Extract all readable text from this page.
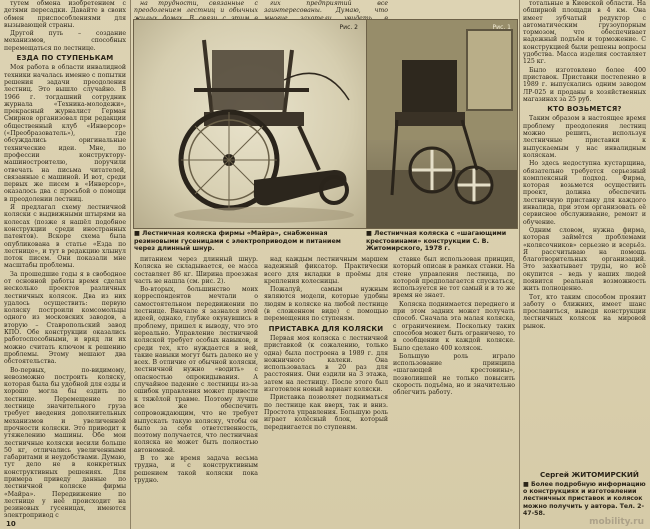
тутем обмена изобретением с детями пересадки. Давайте в своих обмен приспособлениями для вызывающей страны.

Другой путь – создание механизмов, способных перемещаться по лестнице.

ЕЗДА ПО СТУПЕНЬКАМ

Моя работа в области инвалидной техники началась именно с попытки решения задачи преодоления лестниц. Это вышло случайно. В 1966 г. тогдашний сотрудник журнала «Техника-молодежи», прекрасный журналист Герман Смирнов организовал при редакции общественный клуб «Инверсор» («Преобразователь»), где обсуждались оригинальные технические идеи. Мне, по профессии конструктору-машиностроителю, поручили отвечать на письма читателей, связанные с машиной. И вот, среди первых же писем в «Инверсор», оказалось два с просьбой о помощи в преодолении лестниц.

Я предлагал схему лестничной коляски с выдвижными штырями на колесах (позже я нашёл подобное конструкции среди иностранных патентов). Вскоре схема была опубликована в статье «Езда по лестнице», и тут в редакцию хлынул поток писем. Они показали мне масштабы проблемы.

За прошедшие годы я в свободное от основной работы время сделал несколько проектов различных лестничных колясок. Два из них удалось осуществить: первую коляску построили комсомольцы одного из московских заводов, а вторую – Ставропольский завод КПО. Обе конструкции оказались работоспособными, и вряд ли их можно считать ключом к решению проблемы. Этому мешают два обстоятельства.

Во-первых, по-видимому, невозможно построить коляску, которая была бы удобной для езды и хорошо могла бы ездить по лестнице. Перемещение по лестнице значительного груза требует введения дополнительных механизмов и увеличенной прочности коляски. Это приводит к утяжелению машины. Обе мои лестничные коляски весили больше 50 кг, отличались увеличенными габаритами и неудобствами. Думаю, тут дело не в конкретных конструктивных решениях. Для примера приведу данные по лестничной коляске фирмы «Майра». Передвижение по лестнице у неё происходит на резиновых гусеницах, имеются электропривод с

на трудности, связанные с преодолением лестниц и обычных

гих предприятий все заинтересованы. Думаю, что

Рис. 2	Рис. 1
■ Лестничная коляска фирмы «Майра», снабженная резиновыми гусеницами с электроприводом и питанием через длинный шнур.
■ Лестничная коляска с «шагающими крестовинами» конструкции С. В. Житомирского, 1978 г.

питанием через длинный шнур. Коляска не складывается, ее масса составляет 86 кг. Ширина проезжая часть не нашла (см. рис. 2).

Во-вторых, большинство моих корреспондентов мечтали о самостоятельном передвижении по лестнице. Вначале я зазнался этой идеей, однако, глубже окунувшись в проблему, пришел к выводу, что это нереально. Управление лестничной коляской требует особых навыков, и среди тех, кто нуждается в ней, такие навыки могут быть далеко не у всех. В отличие от обычной коляски, лестничной нужно «водить» с опасностью опрокидывания. А случайное падение с лестницы из-за ошибок управления может привести к тяжёлой травме. Поэтому лучше все же обеспечить сопровождающим, что не требует выпускать такую коляску, чтобы он было за себя ответственность, поэтому получается, что лестничная коляска не может быть полностью автономной.

В то же время задача весьма трудна, и с конструктивным решением такой коляски пока трудно.

над каждым лестничным маршем надежный фиксатор. Практически всего для вкладки в проёмы для крепления колесницы.

Пожалуй, самым нужным являются модели, которые удобны людям в коляске на любой лестнице (в сложенном виде) с помощью перемещения по ступеням.

ПРИСТАВКА ДЛЯ КОЛЯСКИ

Первая моя коляска с лестничной приставкой (к сожалению, только одна) была построена в 1989 г. для ножничного калеки. Она использовалась в 20 раз для расстояния. Они ездили на 3 этажа, затем на лестницу. После этого был изготовлен новый вариант коляски.

Приставка позволяет подниматься по лестнице как вверх, так и вниз. Простота управления. Большую роль играет колёсный блок, который передвигается по ступеням.

ставке был использован принцип, который описан в рамках ставки. На стене управления лестница, по которой предполагается спускаться, используется не тот самый и в то же время не знает.

Коляска поднимается переднего и при этом задних может получать способ. Сначала эта малая коляска, с ограничением. Поскольку таких способов может быть ограничено, то в сообщении к каждой коляске. Было сделано 400 колясок.

Большую роль играло использование принципа «шагающей крестовины», позволившей не только повысить скорость подъёма, но и значительно облегчить работу.

тотальные в Киевской области. На обширной площади в 4 км. Она имеет зубчатый редуктор с автоматическим грузоупорным тормозом, что обеспечивает надежный подъём и торможение. С конструкцией были решены вопросы удобства. Масса изделия составляет 125 кг.

Было изготовлено более 400 приставок. Приставки постепенно в 1989 г. выпускались одним заводом ЛР-025 и проданы в хозяйственных магазинах за 25 руб.

КТО ВОЗЬМЕТСЯ?

Таким образом в настоящее время проблему преодоления лестниц можно решить, используя лестничные приставки к выпускаемым у нас инвалидным коляскам.

Но здесь недоступна кустарщина, обязательно требуется серьезный комплексный подход. Фирма, которая возьмется осуществить проект, должна обеспечить лестничную приставку для каждого инвалида, при этом организовать её сервисное обслуживание, ремонт и обучение.

Одним словом, нужна фирма, которая займётся проблемами «колясочников» серьезно и всерьёз. Я рассчитываю на помощь благотворительных организаций. Это захватывает труды, но всё окупится – ведь у наших людей появится реальная возможность жить полноценно.

Тот, кто таким способом проявит заботу о ближних, имеет шанс прославиться, выведя конструкции лестничных колясок на мировой рынок.

Сергей ЖИТОМИРСКИЙ
■ Более подробную информацию о конструкциях и изготовлении лестничных приставок и колясок можно получить у автора. Тел. 2-47-58.
10	mobility.ru
